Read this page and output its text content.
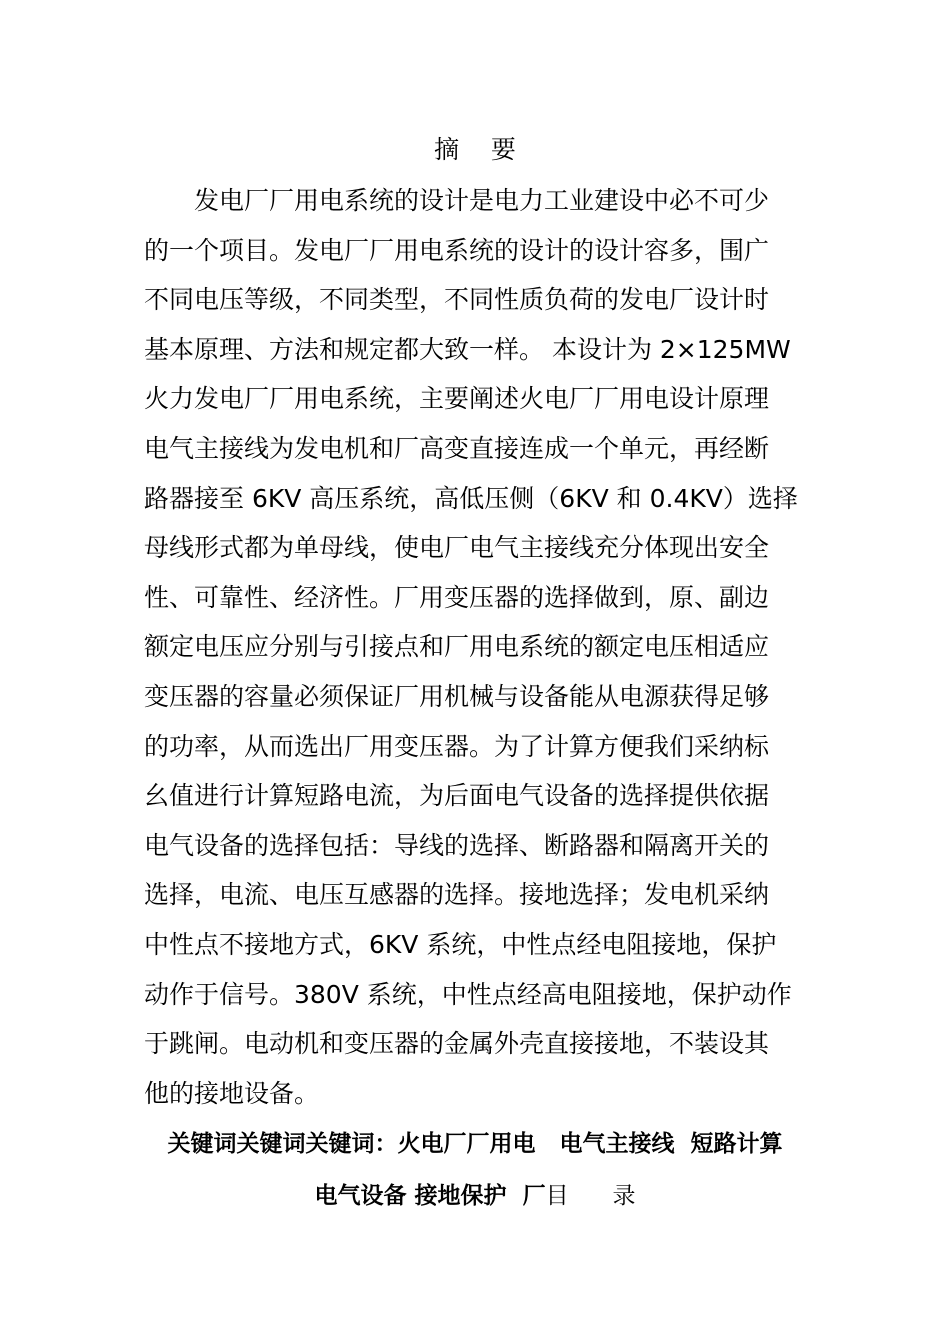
摘    要
发电厂厂用电系统的设计是电力工业建设中必不可少
的一个项目。发电厂厂用电系统的设计的设计容多，围广
不同电压等级，不同类型，不同性质负荷的发电厂设计时
基本原理、方法和规定都大致一样。 本设计为 2×125MW
火力发电厂厂用电系统，主要阐述火电厂厂用电设计原理
电气主接线为发电机和厂高变直接连成一个单元，再经断
路器接至 6KV 高压系统，高低压侧（6KV 和 0.4KV）选择
母线形式都为单母线，使电厂电气主接线充分体现出安全
性、可靠性、经济性。厂用变压器的选择做到，原、副边
额定电压应分别与引接点和厂用电系统的额定电压相适应
变压器的容量必须保证厂用机械与设备能从电源获得足够
的功率，从而选出厂用变压器。为了计算方便我们采纳标
幺值进行计算短路电流，为后面电气设备的选择提供依据
电气设备的选择包括：导线的选择、断路器和隔离开关的
选择，电流、电压互感器的选择。接地选择；发电机采纳
中性点不接地方式，6KV 系统，中性点经电阻接地，保护
动作于信号。380V 系统，中性点经高电阻接地，保护动作
于跳闸。电动机和变压器的金属外壳直接接地，不装设其
他的接地设备。
关键词关键词关键词：火电厂厂用电   电气主接线  短路计算
电气设备 接地保护  厂目      录
